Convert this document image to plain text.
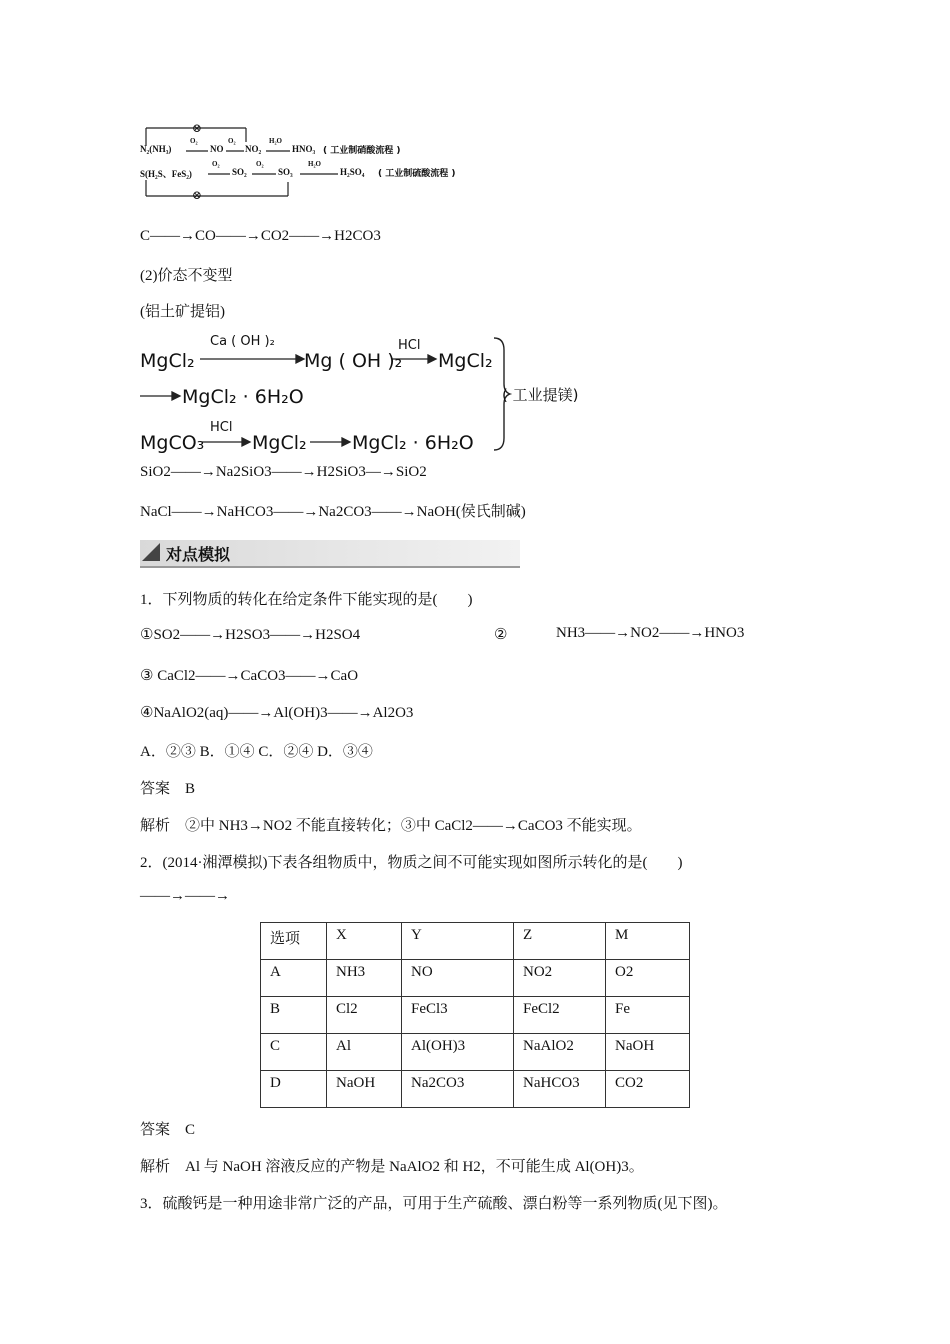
⊗
⊗
N₂(NH₃)
O₂
NO
O₂
NO₂
H₂O
HNO₃ ( 工业制硝酸流程 )
S(H₂S、FeS₂)
O₂
SO₂
O₂
SO₃
H₂O
H₂SO₄ ( 工业制硫酸流程 )
C——→CO——→CO2——→H2CO3
(2)价态不变型
(铝土矿提铝)
MgCl₂
Ca ( OH )₂
Mg ( OH )₂
HCl
MgCl₂
MgCl₂ · 6H₂O
MgCO₃
HCl
MgCl₂ MgCl₂ · 6H₂O
( 工业提镁)
SiO2——→Na2SiO3——→H2SiO3—→SiO2
NaCl——→NaHCO3——→Na2CO3——→NaOH(侯氏制碱)
对点模拟
1．下列物质的转化在给定条件下能实现的是(　　)
①SO2——→H2SO3——→H2SO4	②	NH3——→NO2——→HNO3
③ CaCl2——→CaCO3——→CaO
④NaAlO2(aq)——→Al(OH)3——→Al2O3
A．②③ B．①④ C．②④ D．③④
答案　B
解析　②中 NH3→NO2 不能直接转化；③中 CaCl2——→CaCO3 不能实现。
2．(2014·湘潭模拟)下表各组物质中，物质之间不可能实现如图所示转化的是(　　)
——→——→
选项	X	Y	Z	M
A	NH3	NO	NO2	O2
B	Cl2	FeCl3	FeCl2	Fe
C	Al	Al(OH)3	NaAlO2	NaOH
D	NaOH	Na2CO3	NaHCO3	CO2
答案　C
解析　Al 与 NaOH 溶液反应的产物是 NaAlO2 和 H2，不可能生成 Al(OH)3。
3．硫酸钙是一种用途非常广泛的产品，可用于生产硫酸、漂白粉等一系列物质(见下图)。
